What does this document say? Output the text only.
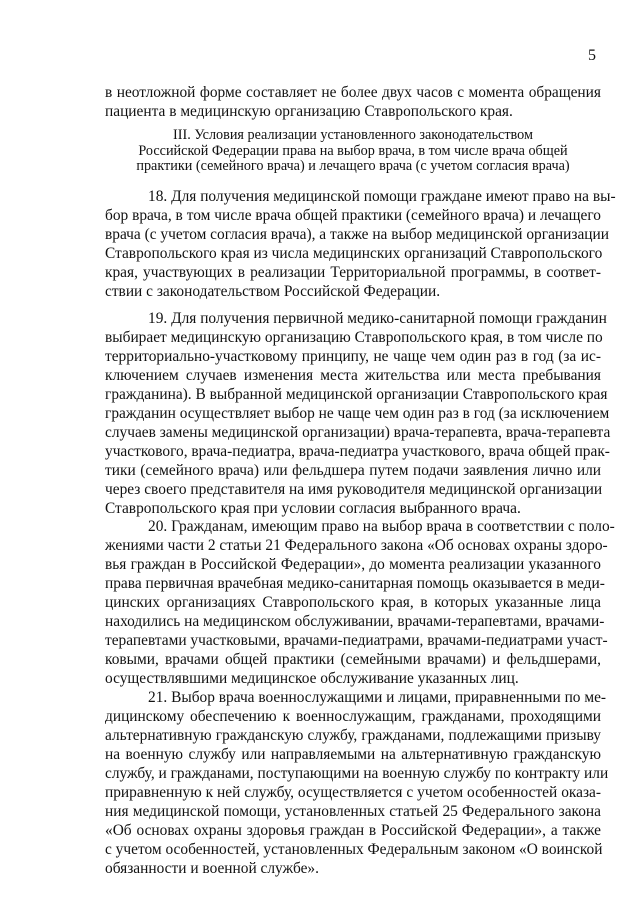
5
в неотложной форме составляет не более двух часов с момента обращения
пациента в медицинскую организацию Ставропольского края.
III. Условия реализации установленного законодательством
Российской Федерации права на выбор врача, в том числе врача общей
практики (семейного врача) и лечащего врача (с учетом согласия врача)
18. Для получения медицинской помощи граждане имеют право на вы-
бор врача, в том числе врача общей практики (семейного врача) и лечащего
врача (с учетом согласия врача), а также на выбор медицинской организации
Ставропольского края из числа медицинских организаций Ставропольского
края, участвующих в реализации Территориальной программы, в соответ-
ствии с законодательством Российской Федерации.
19. Для получения первичной медико-санитарной помощи гражданин
выбирает медицинскую организацию Ставропольского края, в том числе по
территориально-участковому принципу, не чаще чем один раз в год (за ис-
ключением случаев изменения места жительства или места пребывания
гражданина). В выбранной медицинской организации Ставропольского края
гражданин осуществляет выбор не чаще чем один раз в год (за исключением
случаев замены медицинской организации) врача-терапевта, врача-терапевта
участкового, врача-педиатра, врача-педиатра участкового, врача общей прак-
тики (семейного врача) или фельдшера путем подачи заявления лично или
через своего представителя на имя руководителя медицинской организации
Ставропольского края при условии согласия выбранного врача.
20. Гражданам, имеющим право на выбор врача в соответствии с поло-
жениями части 2 статьи 21 Федерального закона «Об основах охраны здоро-
вья граждан в Российской Федерации», до момента реализации указанного
права первичная врачебная медико-санитарная помощь оказывается в меди-
цинских организациях Ставропольского края, в которых указанные лица
находились на медицинском обслуживании, врачами-терапевтами, врачами-
терапевтами участковыми, врачами-педиатрами, врачами-педиатрами участ-
ковыми, врачами общей практики (семейными врачами) и фельдшерами,
осуществлявшими медицинское обслуживание указанных лиц.
21. Выбор врача военнослужащими и лицами, приравненными по ме-
дицинскому обеспечению к военнослужащим, гражданами, проходящими
альтернативную гражданскую службу, гражданами, подлежащими призыву
на военную службу или направляемыми на альтернативную гражданскую
службу, и гражданами, поступающими на военную службу по контракту или
приравненную к ней службу, осуществляется с учетом особенностей оказа-
ния медицинской помощи, установленных статьей 25 Федерального закона
«Об основах охраны здоровья граждан в Российской Федерации», а также
с учетом особенностей, установленных Федеральным законом «О воинской
обязанности и военной службе».
